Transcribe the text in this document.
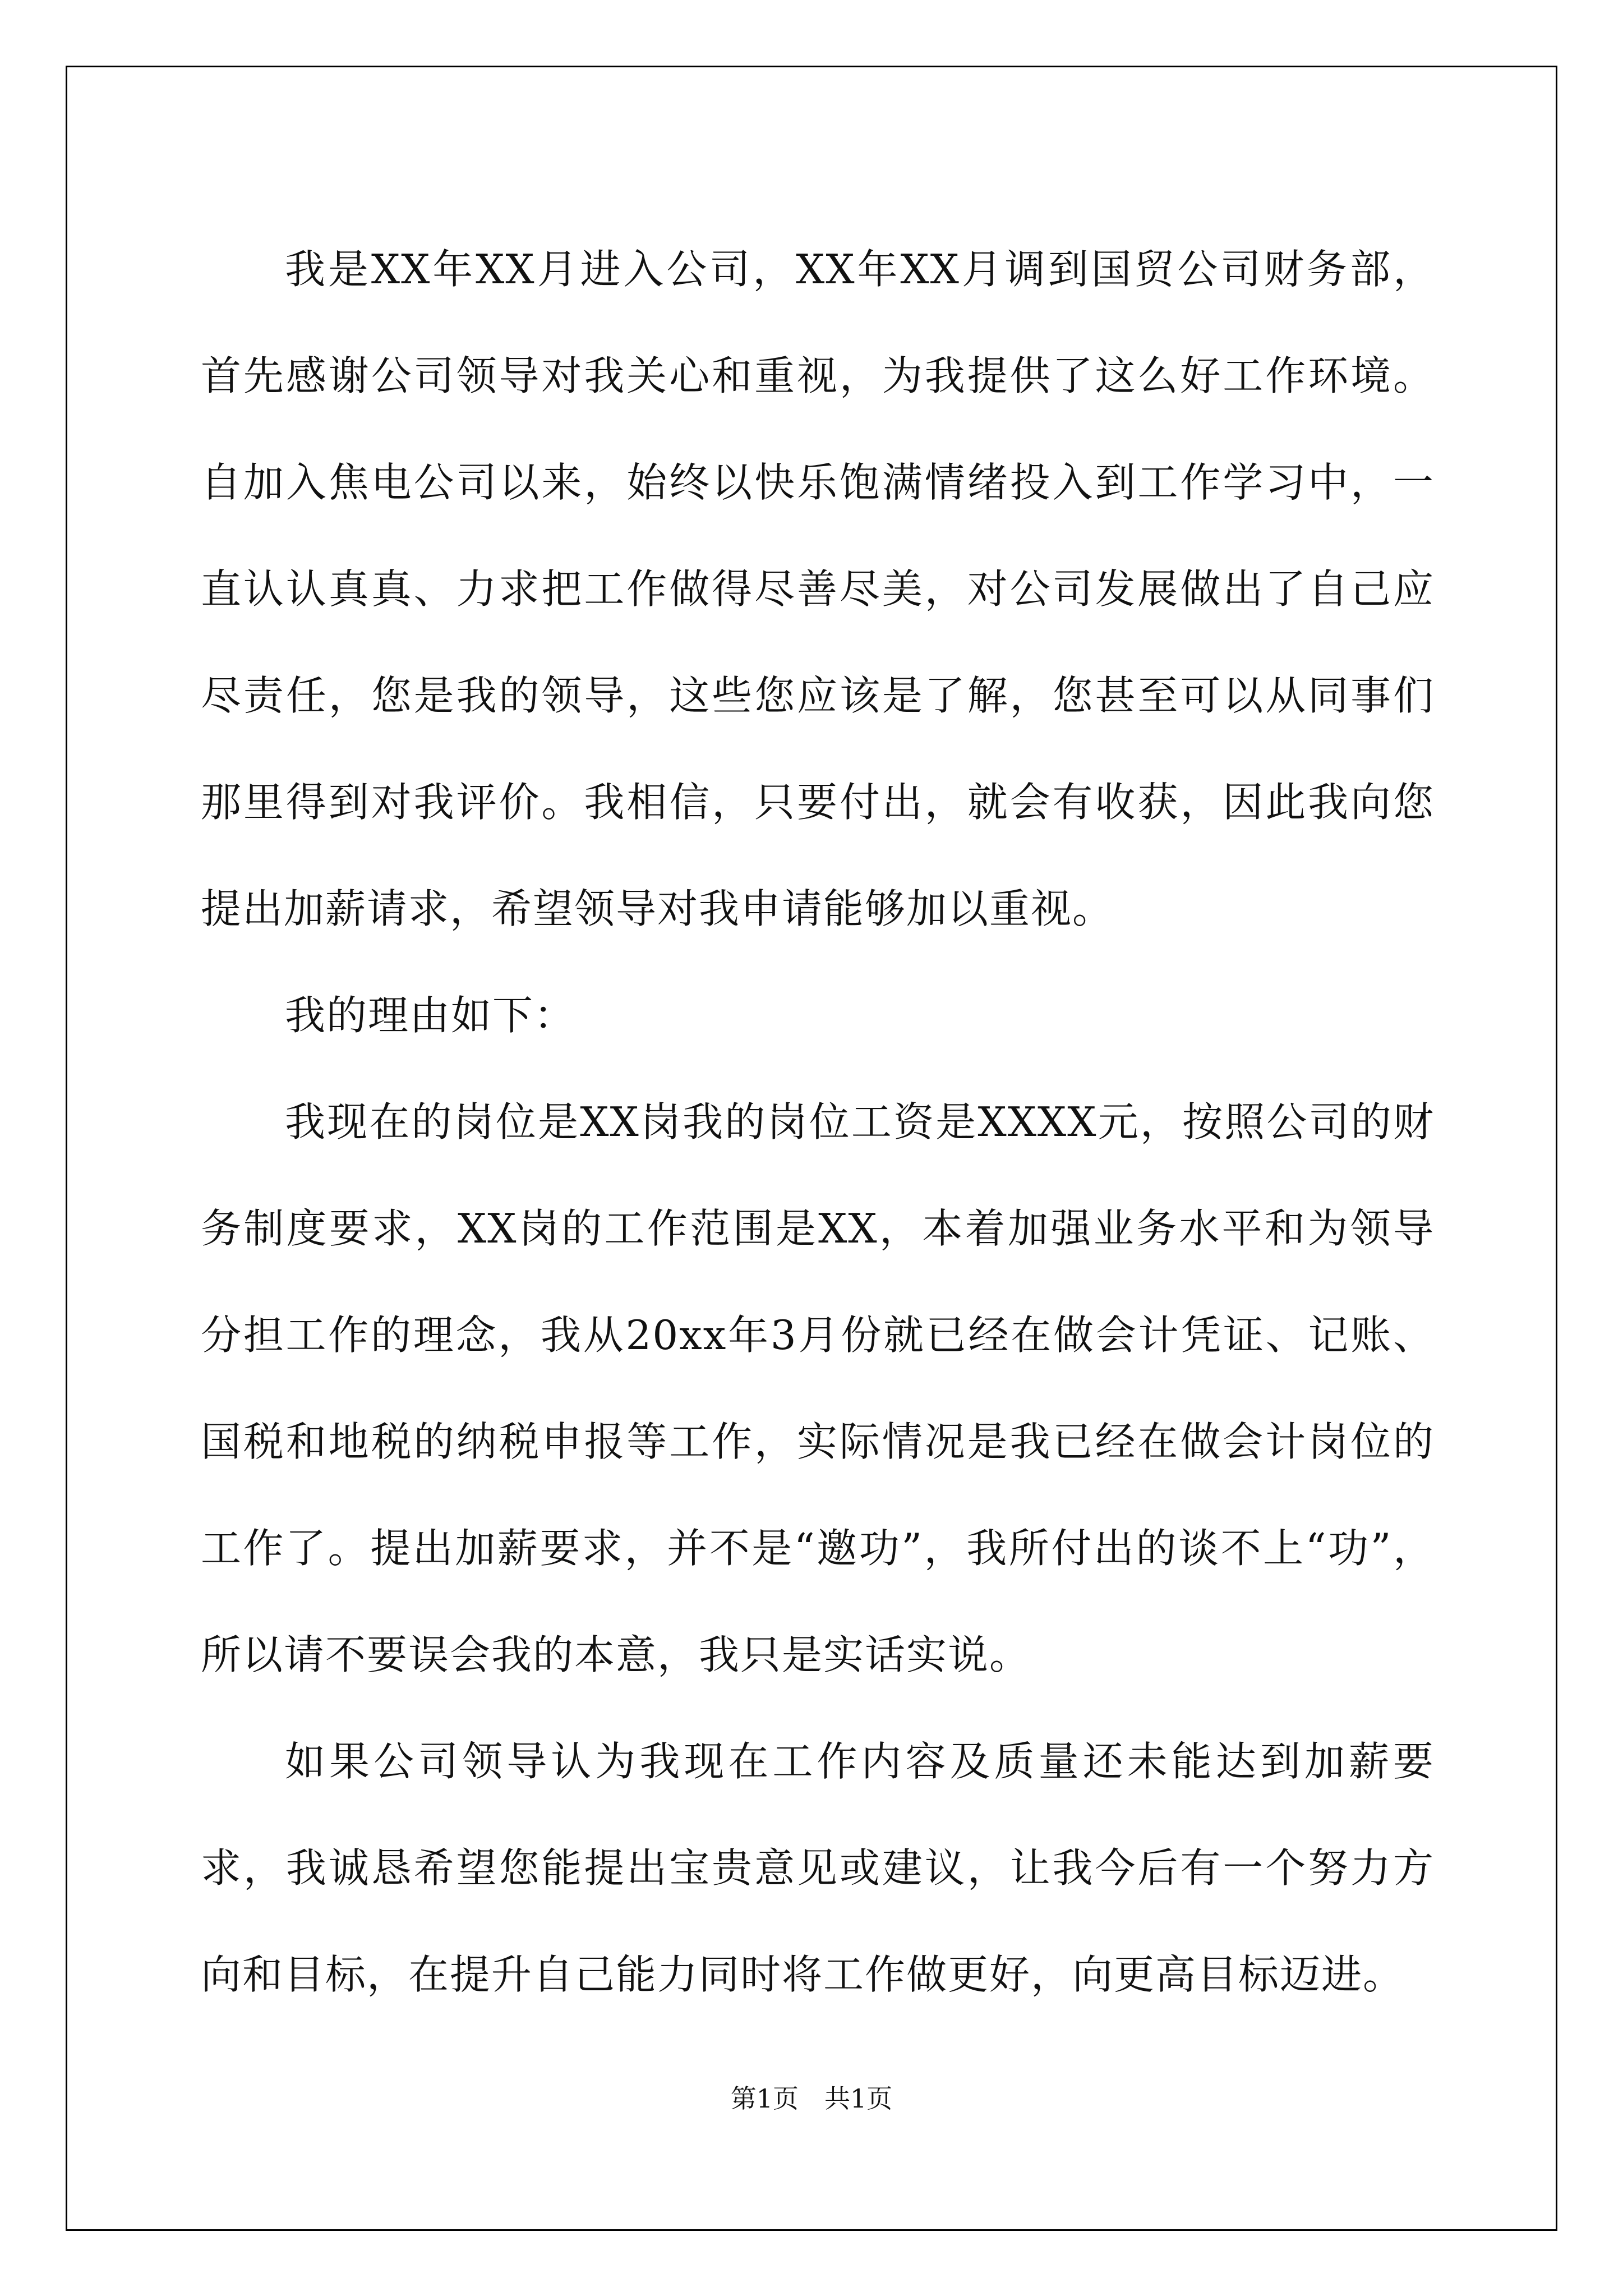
我是XX年XX月进入公司，XX年XX月调到国贸公司财务部，首先感谢公司领导对我关心和重视，为我提供了这么好工作环境。自加入焦电公司以来，始终以快乐饱满情绪投入到工作学习中，一直认认真真、力求把工作做得尽善尽美，对公司发展做出了自己应尽责任，您是我的领导，这些您应该是了解，您甚至可以从同事们那里得到对我评价。我相信，只要付出，就会有收获，因此我向您提出加薪请求，希望领导对我申请能够加以重视。

我的理由如下：

我现在的岗位是XX岗我的岗位工资是XXXX元，按照公司的财务制度要求，XX岗的工作范围是XX，本着加强业务水平和为领导分担工作的理念，我从20xx年3月份就已经在做会计凭证、记账、国税和地税的纳税申报等工作，实际情况是我已经在做会计岗位的工作了。提出加薪要求，并不是“邀功”，我所付出的谈不上“功”，所以请不要误会我的本意，我只是实话实说。

如果公司领导认为我现在工作内容及质量还未能达到加薪要求，我诚恳希望您能提出宝贵意见或建议，让我今后有一个努力方向和目标，在提升自己能力同时将工作做更好，向更高目标迈进。

第1页　共1页
